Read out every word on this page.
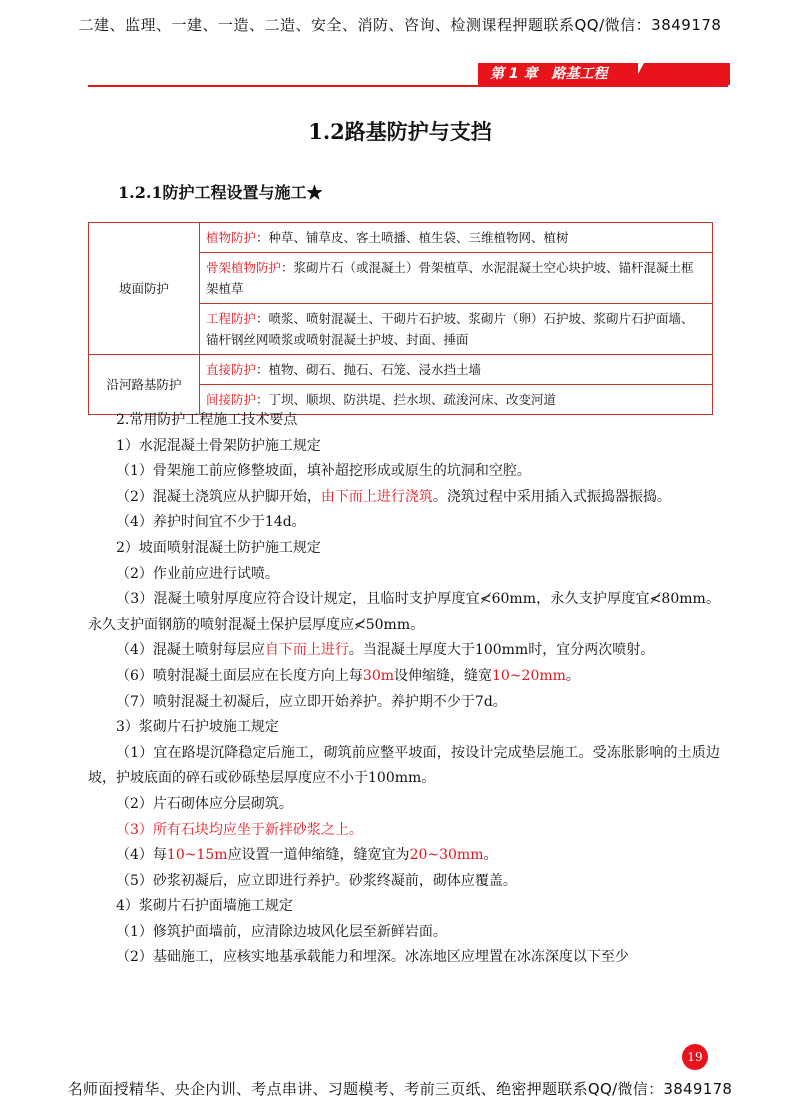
二建、监理、一建、一造、二造、安全、消防、咨询、检测课程押题联系QQ/微信：3849178
第 1 章 路基工程
1.2路基防护与支挡
1.2.1防护工程设置与施工★
坡面防护	植物防护：种草、铺草皮、客土喷播、植生袋、三维植物网、植树
	骨架植物防护：浆砌片石（或混凝土）骨架植草、水泥混凝土空心块护坡、锚杆混凝土框架植草
	工程防护：喷浆、喷射混凝土、干砌片石护坡、浆砌片（卵）石护坡、浆砌片石护面墙、锚杆钢丝网喷浆或喷射混凝土护坡、封面、捶面
沿河路基防护	直接防护：植物、砌石、抛石、石笼、浸水挡土墙
	间接防护：丁坝、顺坝、防洪堤、拦水坝、疏浚河床、改变河道

2.常用防护工程施工技术要点

1）水泥混凝土骨架防护施工规定

（1）骨架施工前应修整坡面，填补超挖形成或原生的坑洞和空腔。

（2）混凝土浇筑应从护脚开始，由下而上进行浇筑。浇筑过程中采用插入式振捣器振捣。

（4）养护时间宜不少于14d。

2）坡面喷射混凝土防护施工规定

（2）作业前应进行试喷。

（3）混凝土喷射厚度应符合设计规定，且临时支护厚度宜≮60mm，永久支护厚度宜≮80mm。永久支护面钢筋的喷射混凝土保护层厚度应≮50mm。

（4）混凝土喷射每层应自下而上进行。当混凝土厚度大于100mm时，宜分两次喷射。

（6）喷射混凝土面层应在长度方向上每30m设伸缩缝，缝宽10~20mm。

（7）喷射混凝土初凝后，应立即开始养护。养护期不少于7d。

3）浆砌片石护坡施工规定

（1）宜在路堤沉降稳定后施工，砌筑前应整平坡面，按设计完成垫层施工。受冻胀影响的土质边坡，护坡底面的碎石或砂砾垫层厚度应不小于100mm。

（2）片石砌体应分层砌筑。

（3）所有石块均应坐于新拌砂浆之上。

（4）每10~15m应设置一道伸缩缝，缝宽宜为20~30mm。

（5）砂浆初凝后，应立即进行养护。砂浆终凝前，砌体应覆盖。

4）浆砌片石护面墙施工规定

（1）修筑护面墙前，应清除边坡风化层至新鲜岩面。

（2）基础施工，应核实地基承载能力和埋深。冰冻地区应埋置在冰冻深度以下至少

19
名师面授精华、央企内训、考点串讲、习题模考、考前三页纸、绝密押题联系QQ/微信：3849178
